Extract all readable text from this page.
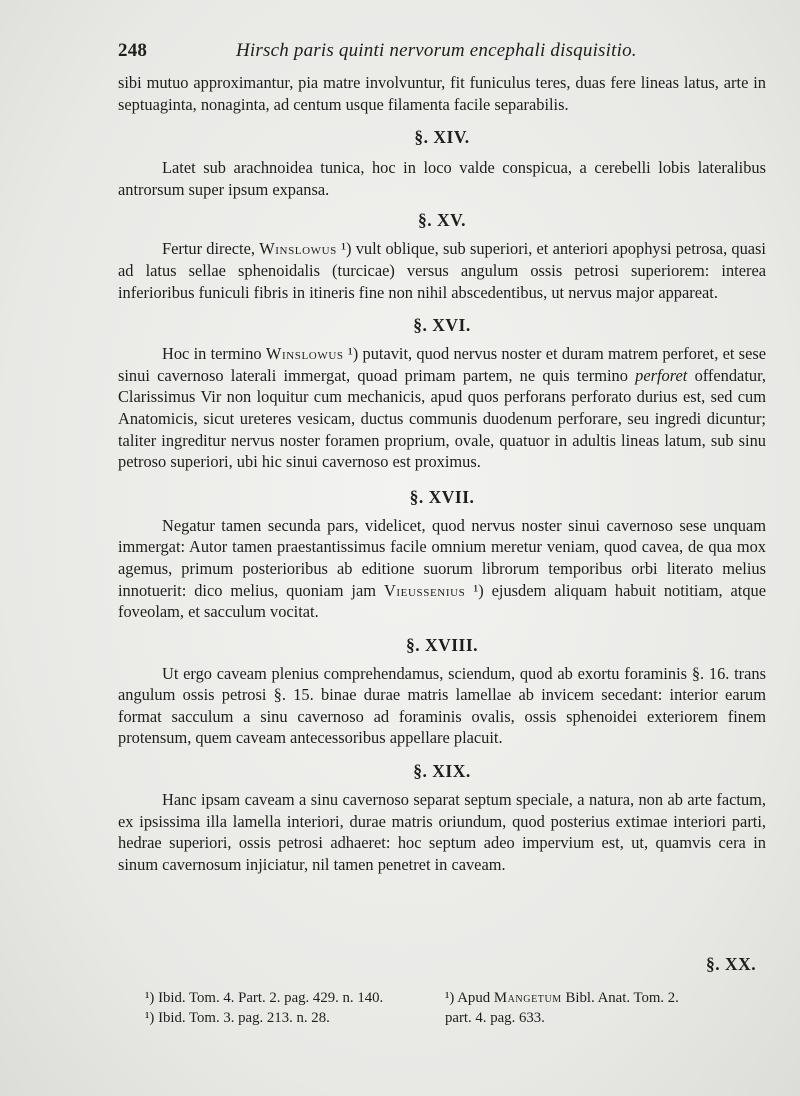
248	Hirsch paris quinti nervorum encephali disquisitio.

sibi mutuo approximantur, pia matre involvuntur, fit funiculus teres, duas fere lineas latus, arte in septuaginta, nonaginta, ad centum usque filamenta facile separabilis.

§. XIV.

Latet sub arachnoidea tunica, hoc in loco valde conspicua, a cerebelli lobis lateralibus antrorsum super ipsum expansa.

§. XV.

Fertur directe, Winslowus ¹) vult oblique, sub superiori, et anteriori apophysi petrosa, quasi ad latus sellae sphenoidalis (turcicae) versus angulum ossis petrosi superiorem: interea inferioribus funiculi fibris in itineris fine non nihil abscedentibus, ut nervus major appareat.

§. XVI.

Hoc in termino Winslowus ¹) putavit, quod nervus noster et duram matrem perforet, et sese sinui cavernoso laterali immergat, quoad primam partem, ne quis termino perforet offendatur, Clarissimus Vir non loquitur cum mechanicis, apud quos perforans perforato durius est, sed cum Anatomicis, sicut ureteres vesicam, ductus communis duodenum perforare, seu ingredi dicuntur; taliter ingreditur nervus noster foramen proprium, ovale, quatuor in adultis lineas latum, sub sinu petroso superiori, ubi hic sinui cavernoso est proximus.

§. XVII.

Negatur tamen secunda pars, videlicet, quod nervus noster sinui cavernoso sese unquam immergat: Autor tamen praestantissimus facile omnium meretur veniam, quod cavea, de qua mox agemus, primum posterioribus ab editione suorum librorum temporibus orbi literato melius innotuerit: dico melius, quoniam jam Vieussenius ¹) ejusdem aliquam habuit notitiam, atque foveolam, et sacculum vocitat.

§. XVIII.

Ut ergo caveam plenius comprehendamus, sciendum, quod ab exortu foraminis §. 16. trans angulum ossis petrosi §. 15. binae durae matris lamellae ab invicem secedant: interior earum format sacculum a sinu cavernoso ad foraminis ovalis, ossis sphenoidei exteriorem finem protensum, quem caveam antecessoribus appellare placuit.

§. XIX.

Hanc ipsam caveam a sinu cavernoso separat septum speciale, a natura, non ab arte factum, ex ipsissima illa lamella interiori, durae matris oriundum, quod posterius extimae interiori parti, hedrae superiori, ossis petrosi adhaeret: hoc septum adeo impervium est, ut, quamvis cera in sinum cavernosum injiciatur, nil tamen penetret in caveam.

§. XX.
¹) Ibid. Tom. 4. Part. 2. pag. 429. n. 140.
¹) Ibid. Tom. 3. pag. 213. n. 28.
¹) Apud Mangetum Bibl. Anat. Tom. 2.
part. 4. pag. 633.
